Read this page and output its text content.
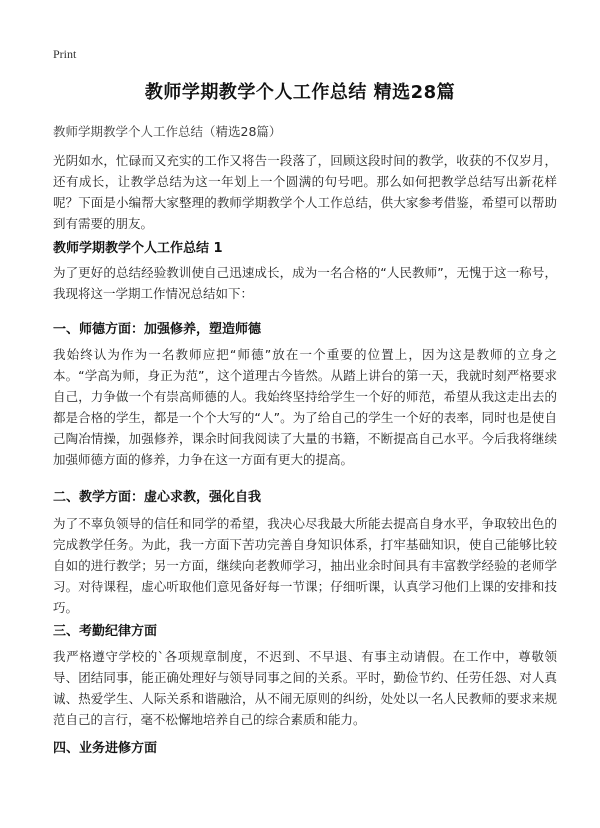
Print
教师学期教学个人工作总结 精选28篇
教师学期教学个人工作总结（精选28篇）

光阴如水，忙碌而又充实的工作又将告一段落了，回顾这段时间的教学，收获的不仅岁月，还有成长，让教学总结为这一年划上一个圆满的句号吧。那么如何把教学总结写出新花样呢？下面是小编帮大家整理的教师学期教学个人工作总结，供大家参考借鉴，希望可以帮助到有需要的朋友。

教师学期教学个人工作总结 1

为了更好的总结经验教训使自己迅速成长，成为一名合格的“人民教师”，无愧于这一称号，我现将这一学期工作情况总结如下：

一、师德方面：加强修养，塑造师德

我始终认为作为一名教师应把“师德”放在一个重要的位置上，因为这是教师的立身之本。“学高为师，身正为范”，这个道理古今皆然。从踏上讲台的第一天，我就时刻严格要求自己，力争做一个有崇高师德的人。我始终坚持给学生一个好的师范，希望从我这走出去的都是合格的学生，都是一个个大写的“人”。为了给自己的学生一个好的表率，同时也是使自己陶冶情操，加强修养，课余时间我阅读了大量的书籍，不断提高自己水平。今后我将继续加强师德方面的修养，力争在这一方面有更大的提高。

二、教学方面：虚心求教，强化自我

为了不辜负领导的信任和同学的希望，我决心尽我最大所能去提高自身水平，争取较出色的完成教学任务。为此，我一方面下苦功完善自身知识体系，打牢基础知识，使自己能够比较自如的进行教学；另一方面，继续向老教师学习，抽出业余时间具有丰富教学经验的老师学习。对待课程，虚心听取他们意见备好每一节课；仔细听课，认真学习他们上课的安排和技巧。

三、考勤纪律方面

我严格遵守学校的`各项规章制度，不迟到、不早退、有事主动请假。在工作中，尊敬领导、团结同事，能正确处理好与领导同事之间的关系。平时，勤俭节约、任劳任怨、对人真诚、热爱学生、人际关系和谐融洽，从不闹无原则的纠纷，处处以一名人民教师的要求来规范自己的言行，毫不松懈地培养自己的综合素质和能力。

四、业务进修方面
